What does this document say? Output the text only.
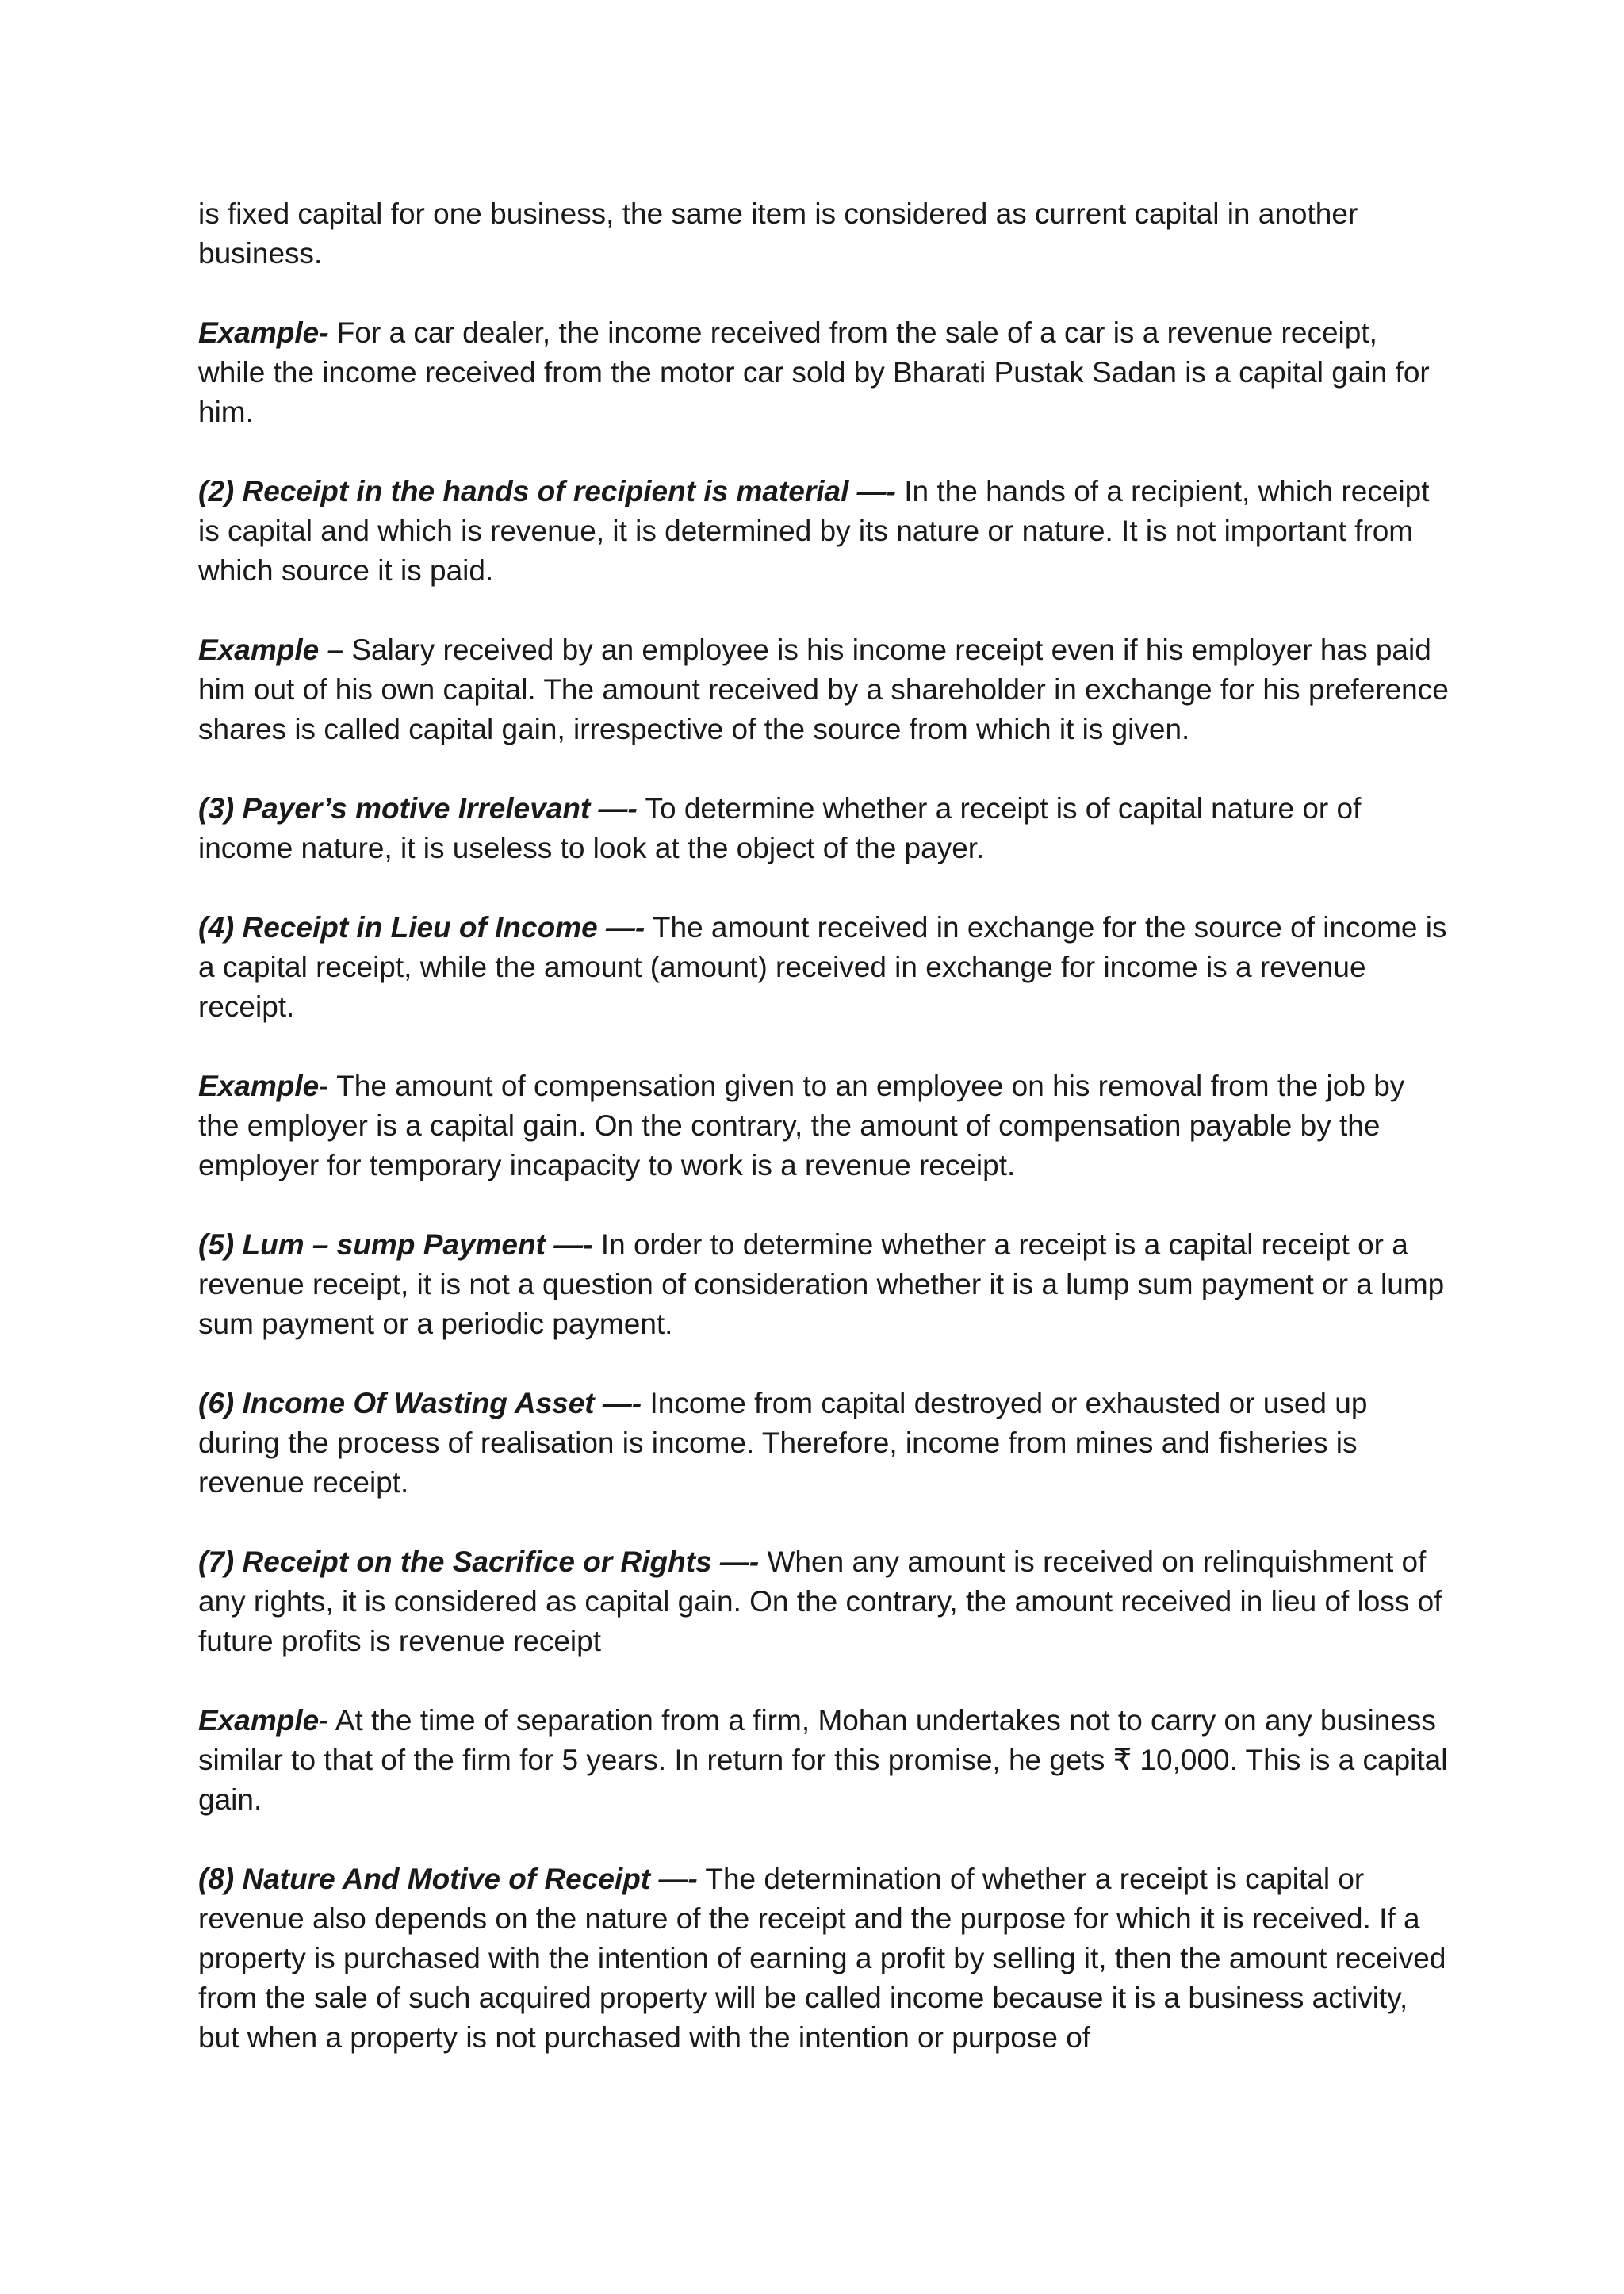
is fixed capital for one business, the same item is considered as current capital in another business.

Example- For a car dealer, the income received from the sale of a car is a revenue receipt, while the income received from the motor car sold by Bharati Pustak Sadan is a capital gain for him.

(2) Receipt in the hands of recipient is material —- In the hands of a recipient, which receipt is capital and which is revenue, it is determined by its nature or nature. It is not important from which source it is paid.

Example – Salary received by an employee is his income receipt even if his employer has paid him out of his own capital. The amount received by a shareholder in exchange for his preference shares is called capital gain, irrespective of the source from which it is given.

(3) Payer’s motive Irrelevant —- To determine whether a receipt is of capital nature or of income nature, it is useless to look at the object of the payer.

(4) Receipt in Lieu of Income —- The amount received in exchange for the source of income is a capital receipt, while the amount (amount) received in exchange for income is a revenue receipt.

Example- The amount of compensation given to an employee on his removal from the job by the employer is a capital gain. On the contrary, the amount of compensation payable by the employer for temporary incapacity to work is a revenue receipt.

(5) Lum – sump Payment —- In order to determine whether a receipt is a capital receipt or a revenue receipt, it is not a question of consideration whether it is a lump sum payment or a lump sum payment or a periodic payment.

(6) Income Of Wasting Asset —- Income from capital destroyed or exhausted or used up during the process of realisation is income. Therefore, income from mines and fisheries is revenue receipt.

(7) Receipt on the Sacrifice or Rights —- When any amount is received on relinquishment of any rights, it is considered as capital gain. On the contrary, the amount received in lieu of loss of future profits is revenue receipt

Example- At the time of separation from a firm, Mohan undertakes not to carry on any business similar to that of the firm for 5 years. In return for this promise, he gets ₹ 10,000. This is a capital gain.

(8) Nature And Motive of Receipt —- The determination of whether a receipt is capital or revenue also depends on the nature of the receipt and the purpose for which it is received. If a property is purchased with the intention of earning a profit by selling it, then the amount received from the sale of such acquired property will be called income because it is a business activity, but when a property is not purchased with the intention or purpose of
